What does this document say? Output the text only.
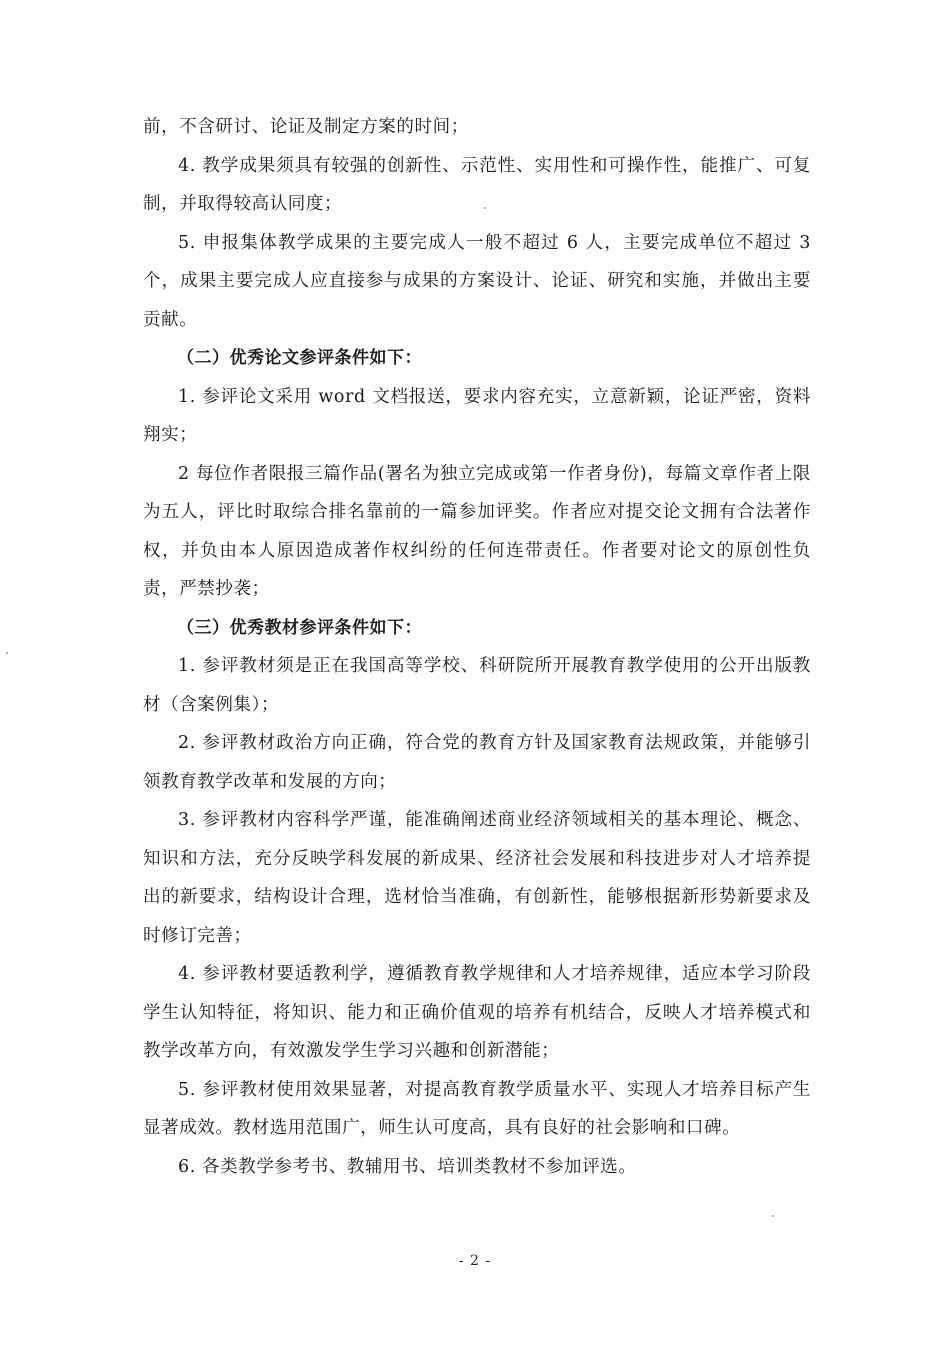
前，不含研讨、论证及制定方案的时间；

4. 教学成果须具有较强的创新性、示范性、实用性和可操作性，能推广、可复制，并取得较高认同度；

5. 申报集体教学成果的主要完成人一般不超过 6 人，主要完成单位不超过 3 个，成果主要完成人应直接参与成果的方案设计、论证、研究和实施，并做出主要贡献。

（二）优秀论文参评条件如下：

1. 参评论文采用 word 文档报送，要求内容充实，立意新颖，论证严密，资料翔实；

2 每位作者限报三篇作品(署名为独立完成或第一作者身份)，每篇文章作者上限为五人，评比时取综合排名靠前的一篇参加评奖。作者应对提交论文拥有合法著作权，并负由本人原因造成著作权纠纷的任何连带责任。作者要对论文的原创性负责，严禁抄袭；

（三）优秀教材参评条件如下：

1. 参评教材须是正在我国高等学校、科研院所开展教育教学使用的公开出版教材（含案例集）；

2. 参评教材政治方向正确，符合党的教育方针及国家教育法规政策，并能够引领教育教学改革和发展的方向；

3. 参评教材内容科学严谨，能准确阐述商业经济领域相关的基本理论、概念、知识和方法，充分反映学科发展的新成果、经济社会发展和科技进步对人才培养提出的新要求，结构设计合理，选材恰当准确，有创新性，能够根据新形势新要求及时修订完善；

4. 参评教材要适教利学，遵循教育教学规律和人才培养规律，适应本学习阶段学生认知特征，将知识、能力和正确价值观的培养有机结合，反映人才培养模式和教学改革方向，有效激发学生学习兴趣和创新潜能；

5. 参评教材使用效果显著，对提高教育教学质量水平、实现人才培养目标产生显著成效。教材选用范围广，师生认可度高，具有良好的社会影响和口碑。

6. 各类教学参考书、教辅用书、培训类教材不参加评选。

- 2 -
